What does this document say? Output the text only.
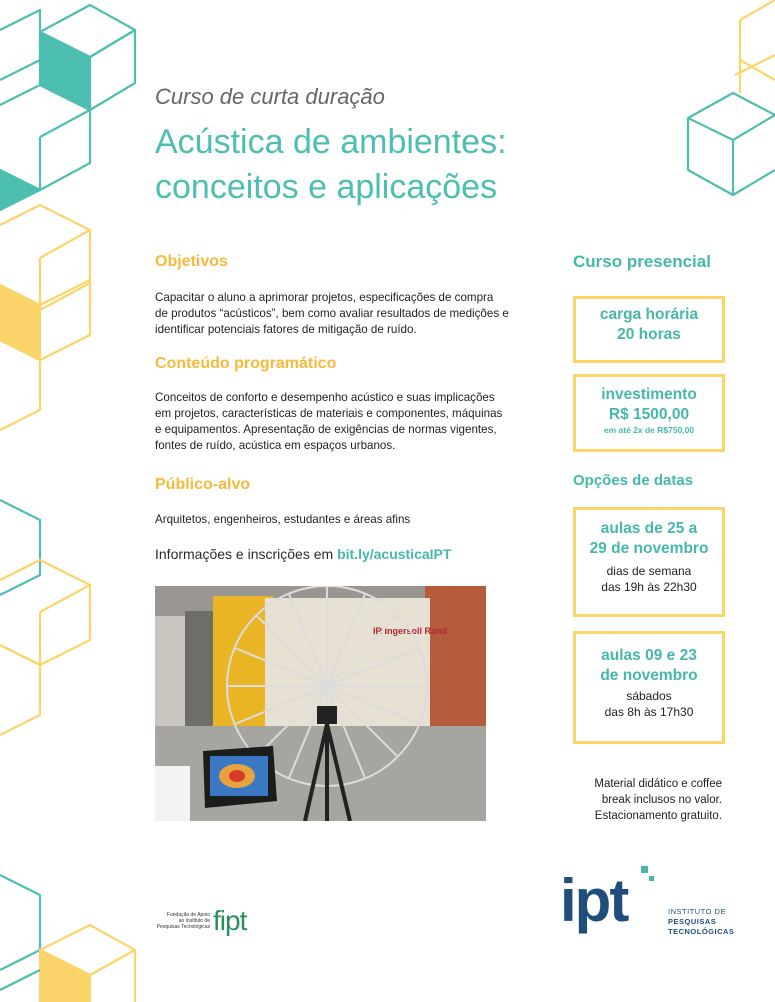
Curso de curta duração
Acústica de ambientes:
conceitos e aplicações
Objetivos
Capacitar o aluno a aprimorar projetos, especificações de compra
de produtos “acústicos”, bem como avaliar resultados de medições e
identificar potenciais fatores de mitigação de ruído.
Conteúdo programático
Conceitos de conforto e desempenho acústico e suas implicações
em projetos, características de materiais e componentes, máquinas
e equipamentos. Apresentação de exigências de normas vigentes,
fontes de ruído, acústica em espaços urbanos.
Público-alvo
Arquitetos, engenheiros, estudantes e áreas afins
Informações e inscrições em bit.ly/acusticaIPT
IR Ingersoll Rand
Curso presencial
carga horária
20 horas
investimento
R$ 1500,00
em até 2x de R$750,00
Opções de datas
aulas de 25 a
29 de novembro
dias de semana
das 19h às 22h30
aulas 09 e 23
de novembro
sábados
das 8h às 17h30
Material didático e coffee
break inclusos no valor.
Estacionamento gratuito.
Fundação de Apoio
ao Instituto de
Pesquisas Tecnológicas fipt	ipt	INSTITUTO DE
PESQUISAS
TECNOLÓGICAS
